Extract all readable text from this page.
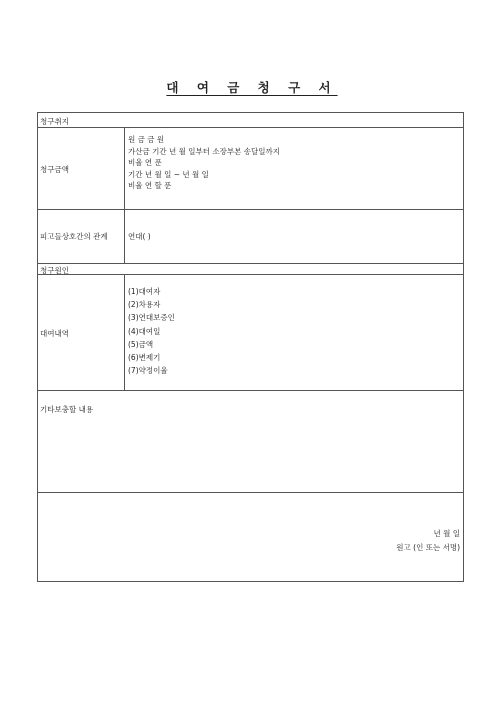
대 여 금 청 구 서
청구취지
청구금액
원 금 금 원
가산금 기간 년 월 일부터 소장부본 송달일까지
비율 연 푼
기간 년 월 일 ~ 년 월 일
비율 연 할 푼
피고들상호간의 관계	연대( )
청구원인
대여내역
(1)대여자
(2)차용자
(3)연대보증인
(4)대여일
(5)금액
(6)변제기
(7)약정이율
기타보충할 내용
년 월 일
원고 (인 또는 서명)
